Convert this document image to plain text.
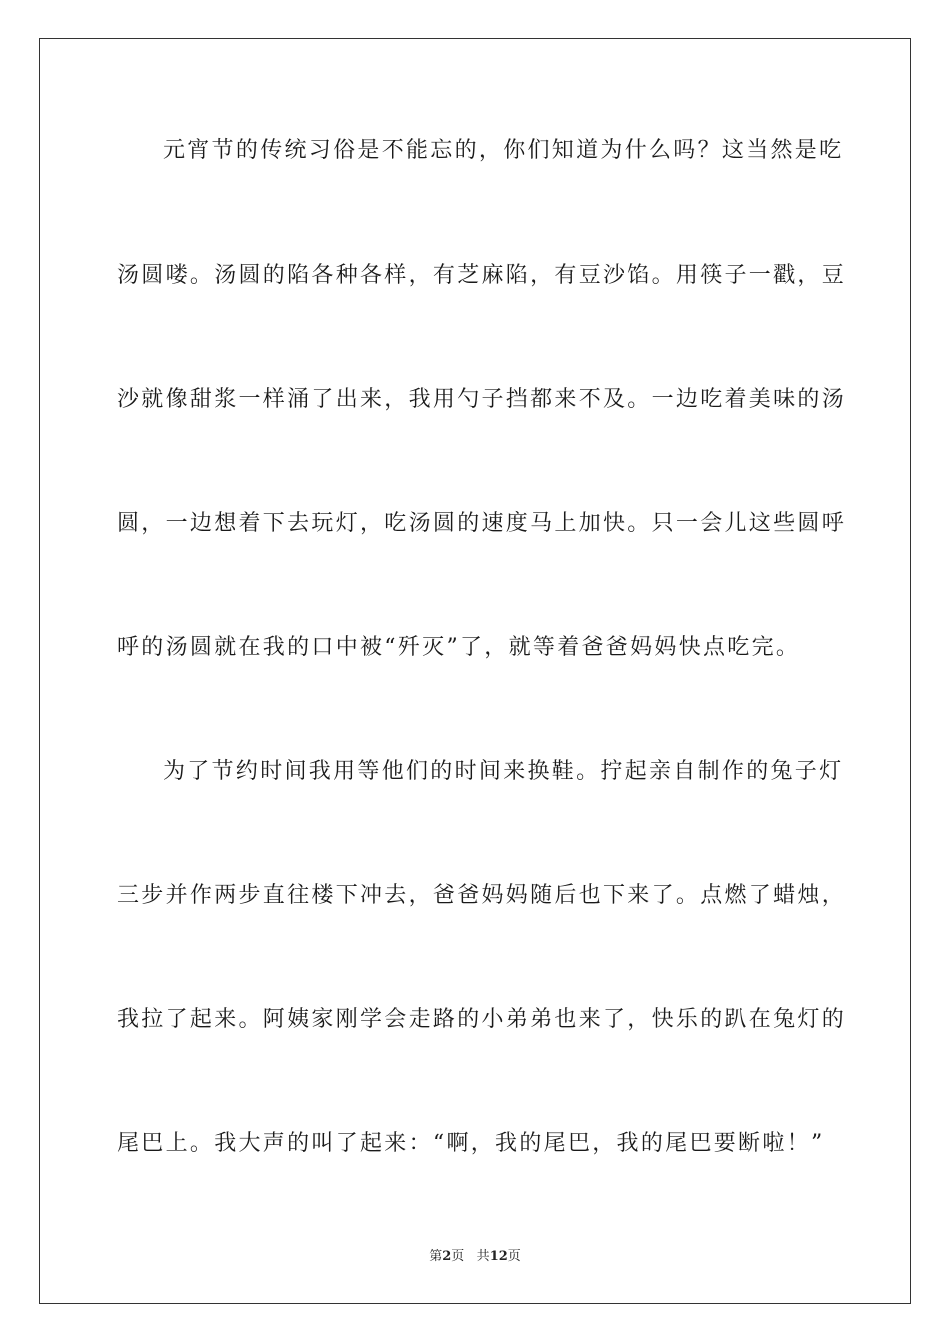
元宵节的传统习俗是不能忘的，你们知道为什么吗？这当然是吃
汤圆喽。汤圆的陷各种各样，有芝麻陷，有豆沙馅。用筷子一戳，豆
沙就像甜浆一样涌了出来，我用勺子挡都来不及。一边吃着美味的汤
圆，一边想着下去玩灯，吃汤圆的速度马上加快。只一会儿这些圆呼
呼的汤圆就在我的口中被“歼灭”了，就等着爸爸妈妈快点吃完。
为了节约时间我用等他们的时间来换鞋。拧起亲自制作的兔子灯
三步并作两步直往楼下冲去，爸爸妈妈随后也下来了。点燃了蜡烛，
我拉了起来。阿姨家刚学会走路的小弟弟也来了，快乐的趴在兔灯的
尾巴上。我大声的叫了起来：“啊，我的尾巴，我的尾巴要断啦！”
第2页 共12页
